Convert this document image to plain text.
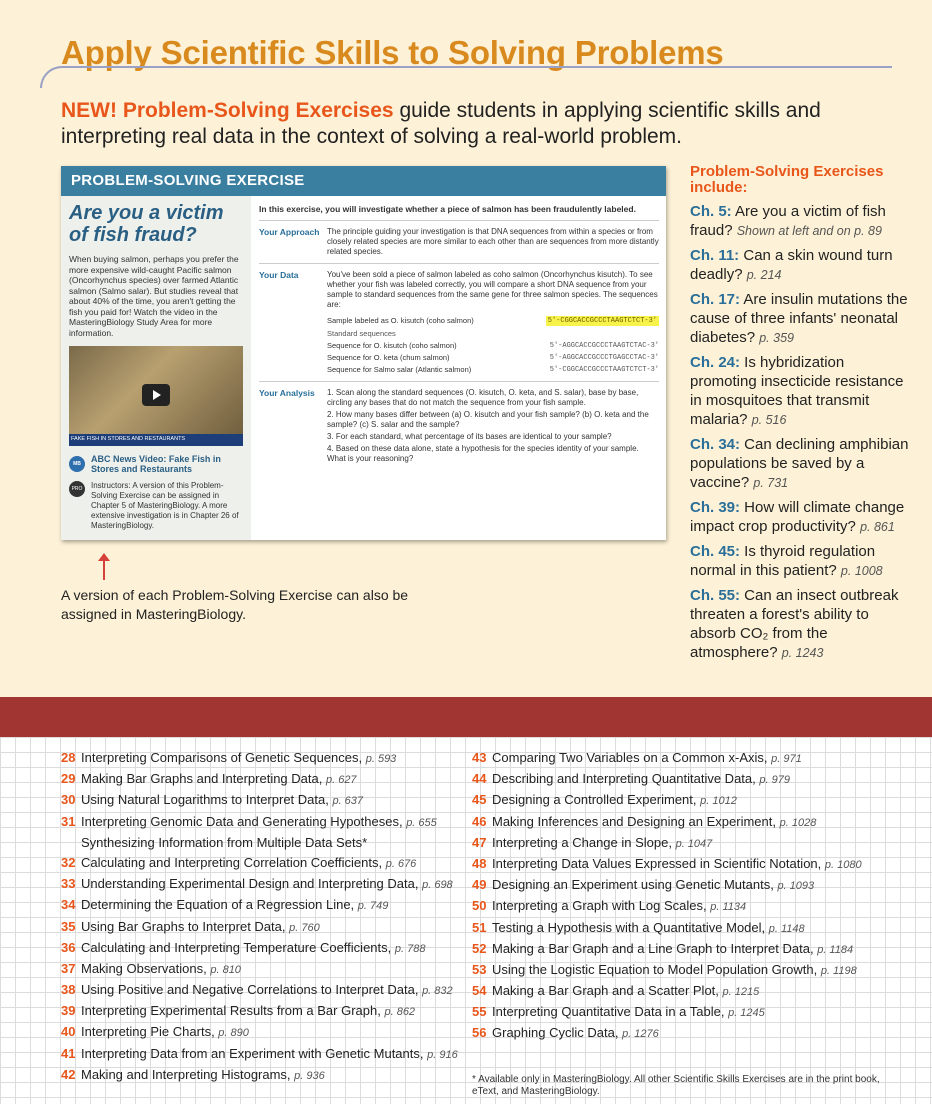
Apply Scientific Skills to Solving Problems
NEW! Problem-Solving Exercises guide students in applying scientific skills and interpreting real data in the context of solving a real-world problem.
PROBLEM-SOLVING EXERCISE
Are you a victim of fish fraud?
When buying salmon, perhaps you prefer the more expensive wild-caught Pacific salmon (Oncorhynchus species) over farmed Atlantic salmon (Salmo salar). But studies reveal that about 40% of the time, you aren't getting the fish you paid for! Watch the video in the MasteringBiology Study Area for more information.
FAKE FISH IN STORES AND RESTAURANTS
MB	ABC News Video: Fake Fish in Stores and Restaurants
PRO	Instructors: A version of this Problem-Solving Exercise can be assigned in Chapter 5 of MasteringBiology. A more extensive investigation is in Chapter 26 of MasteringBiology.
In this exercise, you will investigate whether a piece of salmon has been fraudulently labeled.
Your Approach The principle guiding your investigation is that DNA sequences from within a species or from closely related species are more similar to each other than are sequences from more distantly related species.
Your Data	You've been sold a piece of salmon labeled as coho salmon (Oncorhynchus kisutch). To see whether your fish was labeled correctly, you will compare a short DNA sequence from your sample to standard sequences from the same gene for three salmon species. The sequences are:
Sample labeled as O. kisutch (coho salmon)	5'-CGGCACCGCCCTAAGTCTCT-3'
Standard sequences
Sequence for O. kisutch (coho salmon)	5'-AGGCACCGCCCTAAGTCTAC-3'
Sequence for O. keta (chum salmon)	5'-AGGCACCGCCCTGAGCCTAC-3'
Sequence for Salmo salar (Atlantic salmon)	5'-CGGCACCGCCCTAAGTCTCT-3'
Your Analysis	1. Scan along the standard sequences (O. kisutch, O. keta, and S. salar), base by base, circling any bases that do not match the sequence from your fish sample.
2. How many bases differ between (a) O. kisutch and your fish sample? (b) O. keta and the sample? (c) S. salar and the sample?
3. For each standard, what percentage of its bases are identical to your sample?
4. Based on these data alone, state a hypothesis for the species identity of your sample. What is your reasoning?
A version of each Problem-Solving Exercise can also be assigned in MasteringBiology.
Problem-Solving Exercises include:
Ch. 5: Are you a victim of fish fraud? Shown at left and on p. 89
Ch. 11: Can a skin wound turn deadly? p. 214
Ch. 17: Are insulin mutations the cause of three infants' neonatal diabetes? p. 359
Ch. 24: Is hybridization promoting insecticide resistance in mosquitoes that transmit malaria? p. 516
Ch. 34: Can declining amphibian populations be saved by a vaccine? p. 731
Ch. 39: How will climate change impact crop productivity? p. 861
Ch. 45: Is thyroid regulation normal in this patient? p. 1008
Ch. 55: Can an insect outbreak threaten a forest's ability to absorb CO₂ from the atmosphere? p. 1243
28 Interpreting Comparisons of Genetic Sequences, p. 593
29 Making Bar Graphs and Interpreting Data, p. 627
30 Using Natural Logarithms to Interpret Data, p. 637
31 Interpreting Genomic Data and Generating Hypotheses, p. 655
Synthesizing Information from Multiple Data Sets*
32 Calculating and Interpreting Correlation Coefficients, p. 676
33 Understanding Experimental Design and Interpreting Data, p. 698
34 Determining the Equation of a Regression Line, p. 749
35 Using Bar Graphs to Interpret Data, p. 760
36 Calculating and Interpreting Temperature Coefficients, p. 788
37 Making Observations, p. 810
38 Using Positive and Negative Correlations to Interpret Data, p. 832
39 Interpreting Experimental Results from a Bar Graph, p. 862
40 Interpreting Pie Charts, p. 890
41 Interpreting Data from an Experiment with Genetic Mutants, p. 916
42 Making and Interpreting Histograms, p. 936
43 Comparing Two Variables on a Common x-Axis, p. 971
44 Describing and Interpreting Quantitative Data, p. 979
45 Designing a Controlled Experiment, p. 1012
46 Making Inferences and Designing an Experiment, p. 1028
47 Interpreting a Change in Slope, p. 1047
48 Interpreting Data Values Expressed in Scientific Notation, p. 1080
49 Designing an Experiment using Genetic Mutants, p. 1093
50 Interpreting a Graph with Log Scales, p. 1134
51 Testing a Hypothesis with a Quantitative Model, p. 1148
52 Making a Bar Graph and a Line Graph to Interpret Data, p. 1184
53 Using the Logistic Equation to Model Population Growth, p. 1198
54 Making a Bar Graph and a Scatter Plot, p. 1215
55 Interpreting Quantitative Data in a Table, p. 1245
56 Graphing Cyclic Data, p. 1276
* Available only in MasteringBiology. All other Scientific Skills Exercises are in the print book, eText, and MasteringBiology.
